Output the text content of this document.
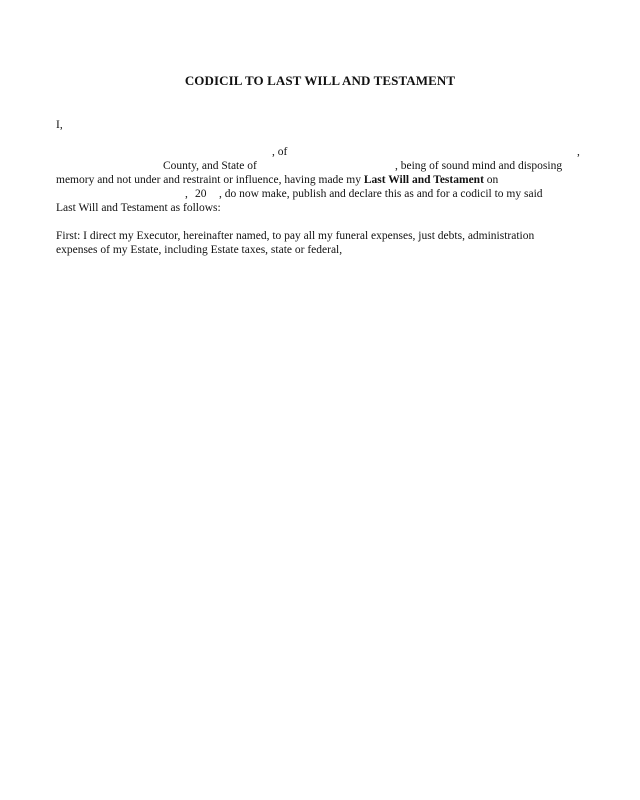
CODICIL TO LAST WILL AND TESTAMENT
I,
, of	,
County, and State of	, being of sound mind and disposing
memory and not under and restraint or influence, having made my Last Will and Testament on
, 20 , do now make, publish and declare this as and for a codicil to my said
Last Will and Testament as follows:
First: I direct my Executor, hereinafter named, to pay all my funeral expenses, just debts, administration
expenses of my Estate, including Estate taxes, state or federal,
